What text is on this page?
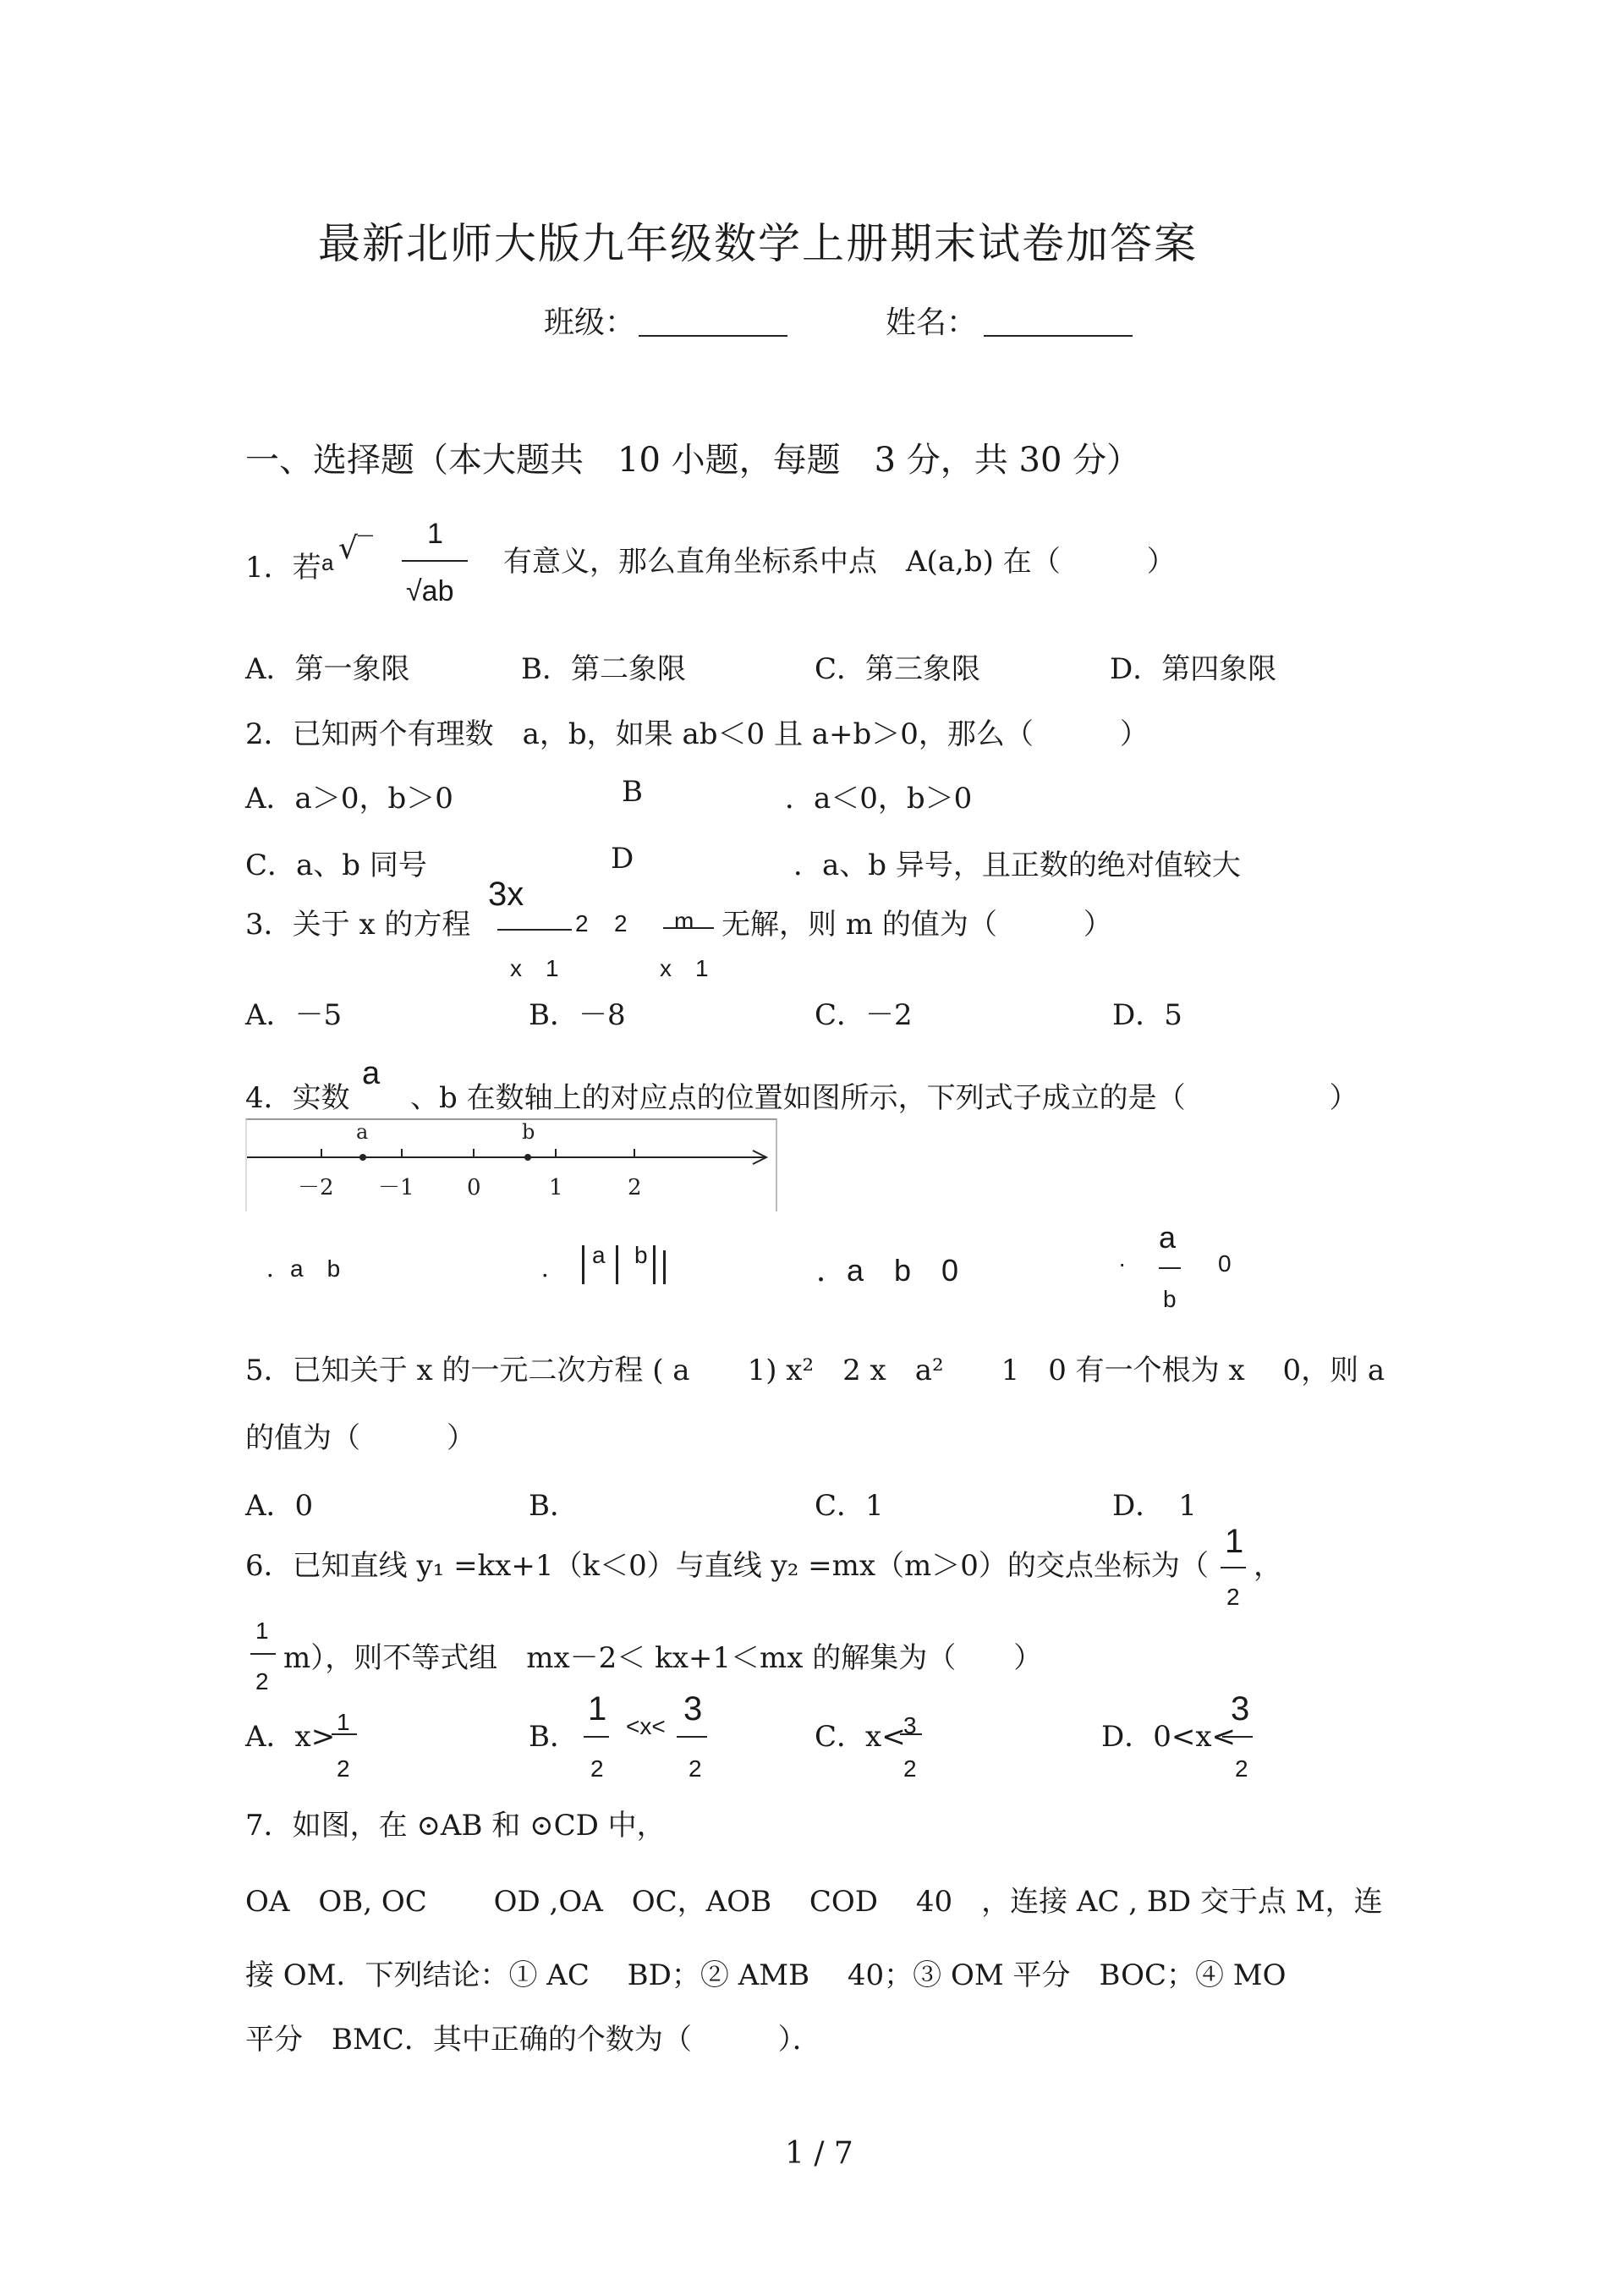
最新北师大版九年级数学上册期末试卷加答案
班级：	姓名：
一、选择题（本大题共　10 小题，每题　3 分，共 30 分）
1．若 a √‾ 1
√ab
有意义，那么直角坐标系中点　A(a,b) 在（　　　）
A．第一象限	B．第二象限	C．第三象限	D．第四象限
2．已知两个有理数　a，b，如果 ab＜0 且 a+b＞0，那么（　　　）
A．a＞0，b＞0	B	．a＜0，b＞0
C．a、b 同号	D	．a、b 异号，且正数的绝对值较大
3．关于 x 的方程
3x
2 2 m 无解，则 m 的值为（　　　）
x　1	x　1
A．－5	B．－8	C．－2	D．5
4．实数
a
、b 在数轴上的对应点的位置如图所示，下列式子成立的是（　　　　　）
a	b
－2 －1 0	1	2
．a　b	．
a b	．a　b　0	·
a
b
0
5．已知关于 x 的一元二次方程 ( a　　1) x²　2 x　a²　　1　0 有一个根为 x　 0，则 a
的值为（　　　）
A．0	B．	C．1	D．　1
6．已知直线 y₁ =kx+1（k＜0）与直线 y₂ =mx（m＞0）的交点坐标为（
1
2
，
1
2
m），则不等式组　mx－2＜ kx+1＜mx 的解集为（　　）
A．x> 1
2
B．
1
2
<x< 3
2
C．x<
3
2
D．0<x<
3
2
7．如图，在 ⊙AB 和 ⊙CD 中，
OA　OB, OC　　 OD ,OA　OC，AOB　 COD　 40　，连接 AC , BD 交于点 M，连
接 OM．下列结论：① AC　 BD；② AMB　 40；③ OM 平分　BOC；④ MO
平分　BMC．其中正确的个数为（　　　）．
1 / 7
